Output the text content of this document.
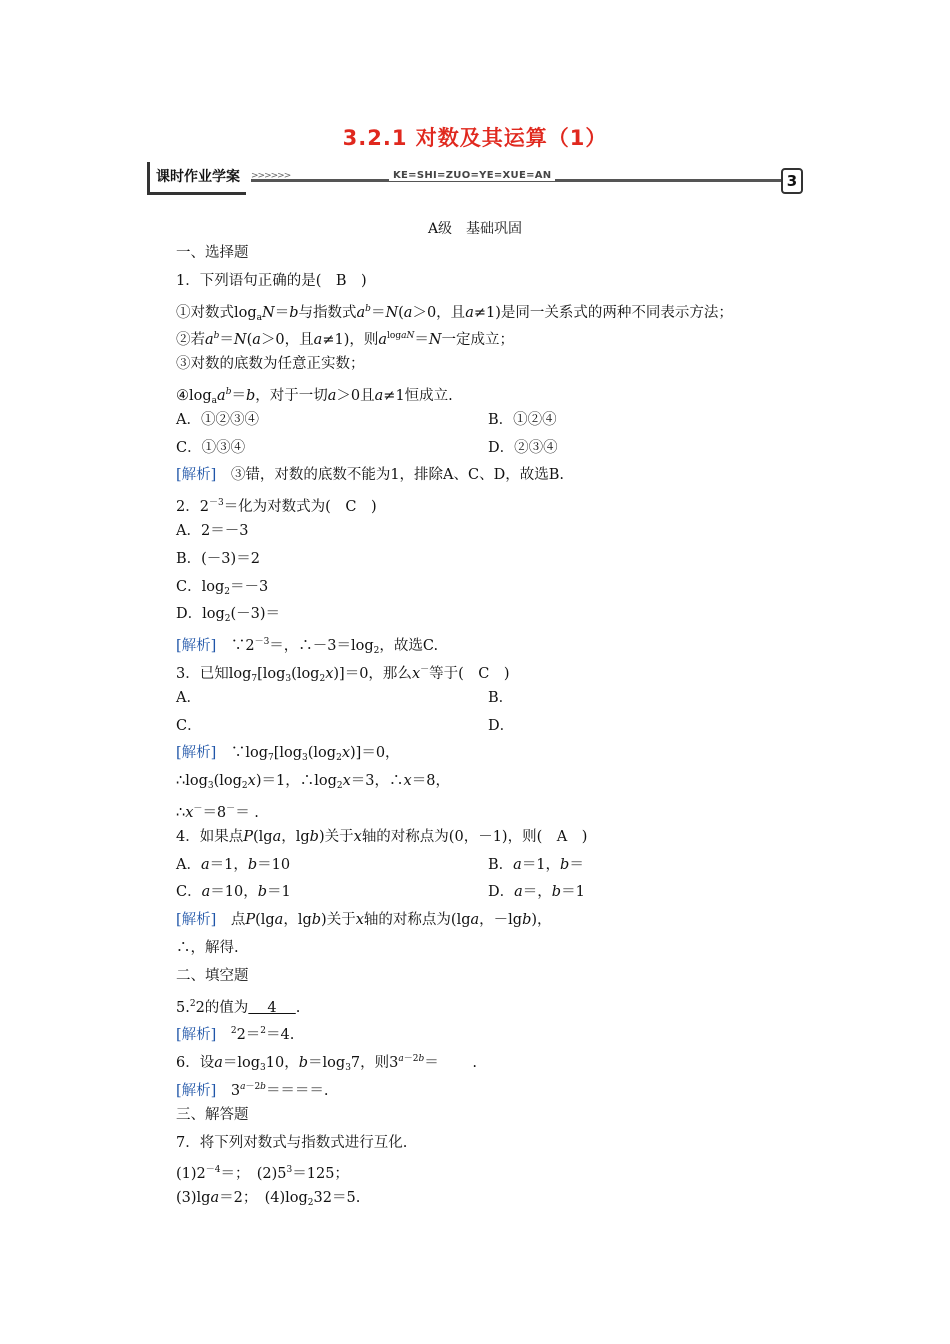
3.2.1 对数及其运算（1）
课时作业学案	>>>>>>	KE=SHI=ZUO=YE=XUE=AN	3
A级　基础巩固
一、选择题
1．下列语句正确的是(　B　)
①对数式$\log_aN=b$与指数式$a^b=N(a>0$，且a≠1)是同一关系式的两种不同表示方法；
②若$a^b=N(a>0$，且a≠1)，则$a^{logaN}=N$一定成立；
③对数的底数为任意正实数；
$④\log_aa^b=b$，对于一切a＞0且a≠1恒成立.
A．①②③④	B．①②④
C．①③④	D．②③④
[解析]　③错，对数的底数不能为1，排除A、C、D，故选B.
2．$2^{-3}=$化为对数式为(　C　)
A．2＝－3
B．(－3)＝2
C．$\log_2=-3$
D．$\log_2(-3)=$
[解析]　$\because 2^{-3}=$，$\therefore-3=\log_2$，故选C.
3．已知$\log_7[\log_3(\log_2x)]=0$，那么x－等于(　C　)
A．	B．
C．	D．
[解析]　$\because\log_7[\log_3(\log_2x)]=0$，
$\therefore\log_3(\log_2x)=1$，$\therefore\log_2x=3$，∴x＝8，
∴x－＝8－＝ .
4．如果点P(lga，lgb)关于x轴的对称点为(0，－1)，则(　A　)
A．a＝1，b＝10	B．a＝1，b＝
C．a＝10，b＝1	D．a＝，b＝1
[解析]　点P(lga，lgb)关于x轴的对称点为(lga，－lgb)，
∴，解得.
二、填空题
5.$^2$2的值为　 4　 .
[解析]　 $^2$2＝$^2$＝4.
6．设$a=\log_310$，$b=\log_37$，则$3^{a-2b}=$　　 .
[解析]　$3^{a-2b}====$.
三、解答题
7．将下列对数式与指数式进行互化.
$(1)2^{-4}=$；　$(2)5^3=125$；
(3)lga＝2；　$(4)\log_232=5$.
